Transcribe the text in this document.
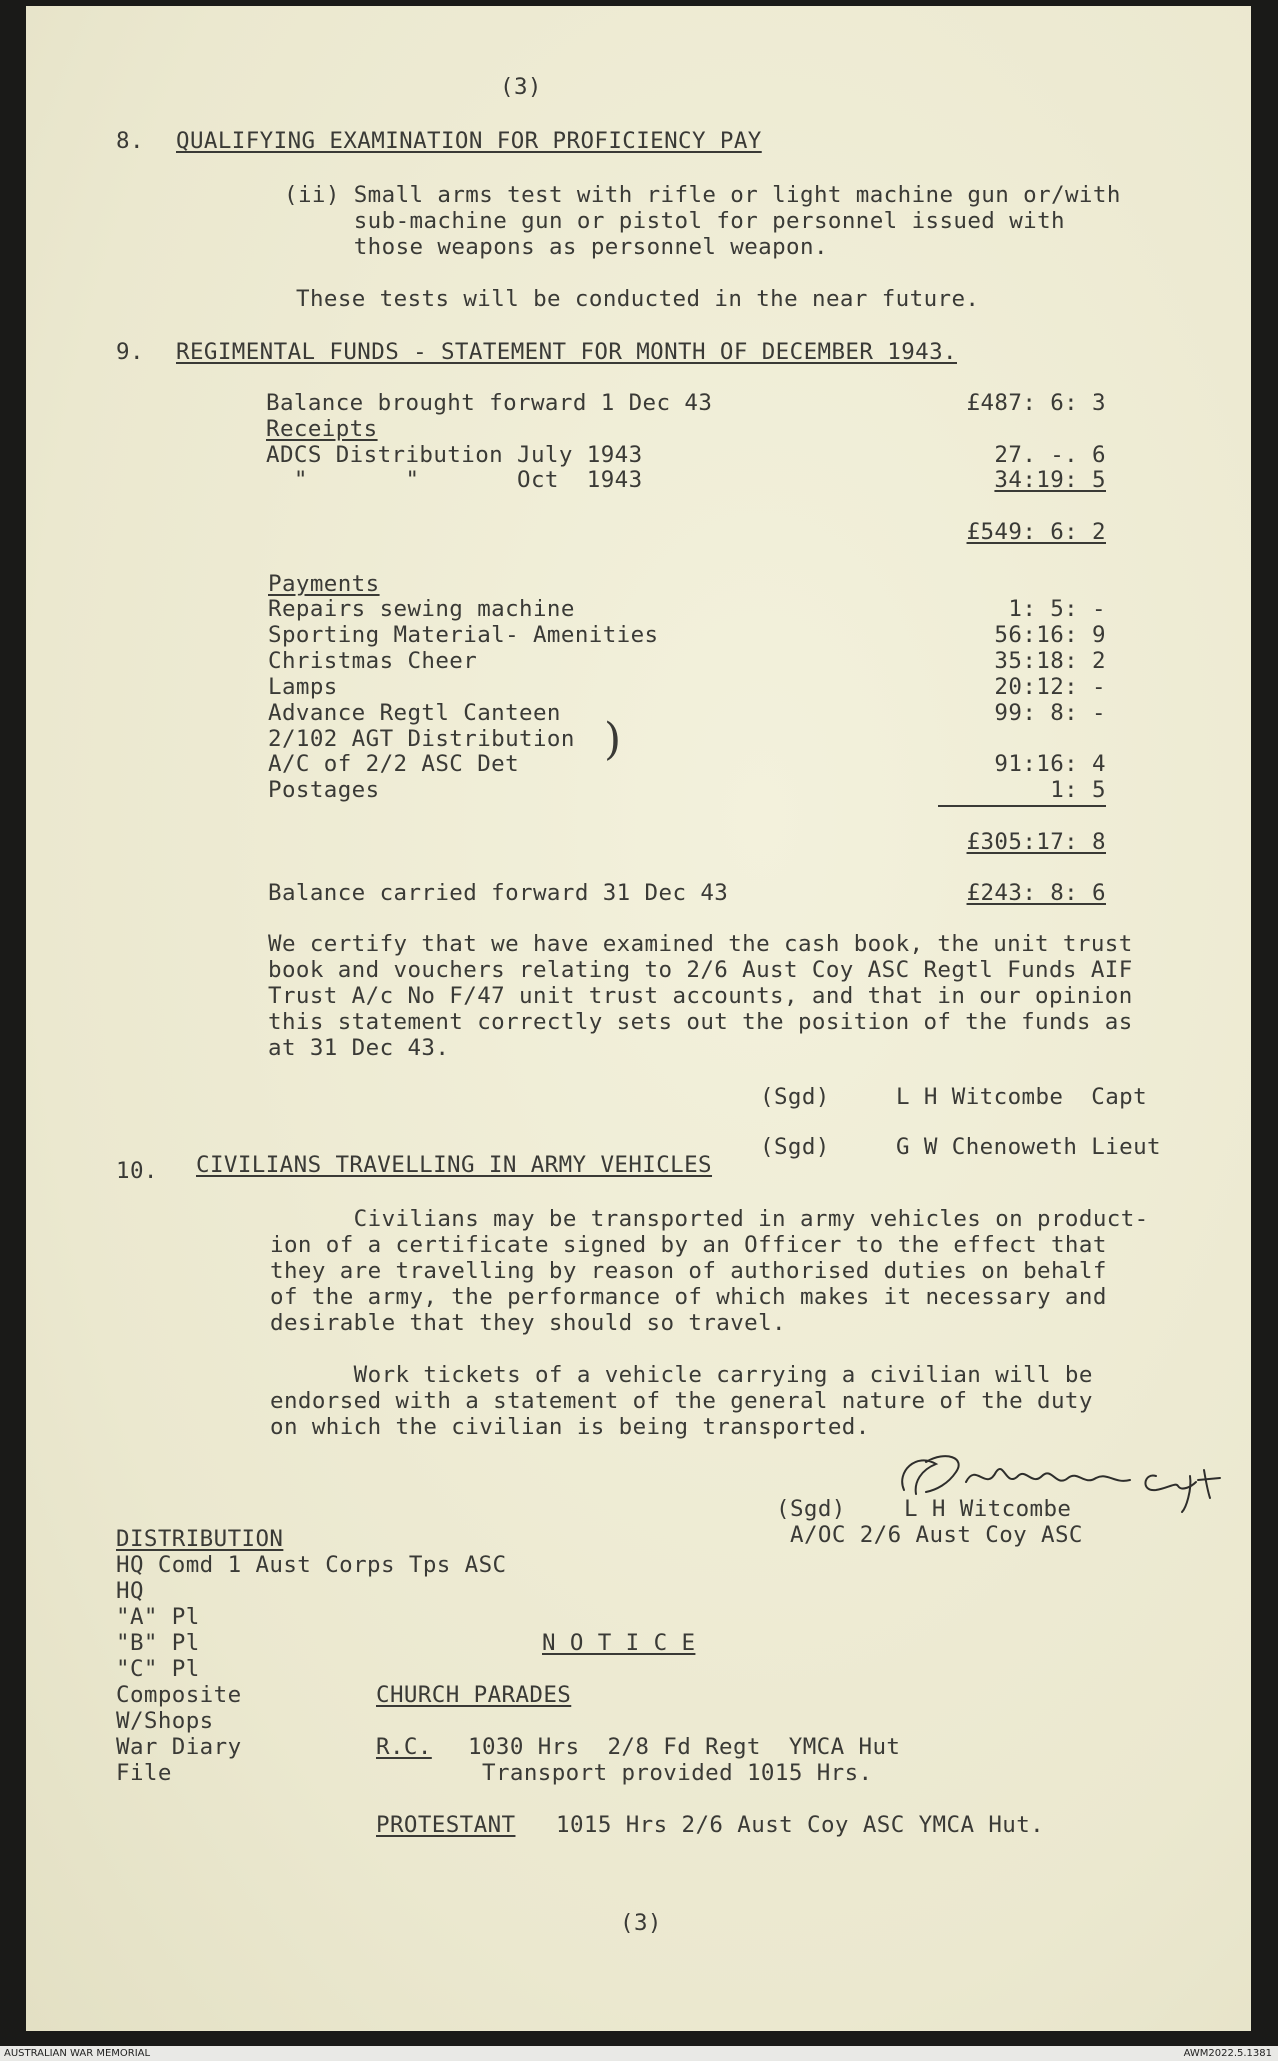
(3)
8. QUALIFYING EXAMINATION FOR PROFICIENCY PAY
(ii) Small arms test with rifle or light machine gun or/with
sub-machine gun or pistol for personnel issued with
those weapons as personnel weapon.
These tests will be conducted in the near future.
9. REGIMENTAL FUNDS - STATEMENT FOR MONTH OF DECEMBER 1943.
Balance brought forward 1 Dec 43	£487: 6: 3
Receipts
ADCS Distribution July 1943	27. -. 6
"       "       Oct  1943	34:19: 5
£549: 6: 2
Payments
Repairs sewing machine	1: 5: -
Sporting Material- Amenities	56:16: 9
Christmas Cheer	35:18: 2
Lamps	20:12: -
Advance Regtl Canteen	99: 8: -
2/102 AGT Distribution
A/C of 2/2 ASC Det )	91:16: 4
Postages	1: 5
£305:17: 8
Balance carried forward 31 Dec 43	£243: 8: 6
We certify that we have examined the cash book, the unit trust
book and vouchers relating to 2/6 Aust Coy ASC Regtl Funds AIF
Trust A/c No F/47 unit trust accounts, and that in our opinion
this statement correctly sets out the position of the funds as
at 31 Dec 43.
(Sgd)	L H Witcombe  Capt
(Sgd)	G W Chenoweth Lieut
10. CIVILIANS TRAVELLING IN ARMY VEHICLES
Civilians may be transported in army vehicles on product-
ion of a certificate signed by an Officer to the effect that
they are travelling by reason of authorised duties on behalf
of the army, the performance of which makes it necessary and
desirable that they should so travel.
Work tickets of a vehicle carrying a civilian will be
endorsed with a statement of the general nature of the duty
on which the civilian is being transported.
(Sgd)	L H Witcombe
A/OC 2/6 Aust Coy ASC
DISTRIBUTION
HQ Comd 1 Aust Corps Tps ASC
HQ
"A" Pl
"B" Pl
"C" Pl
Composite
W/Shops
War Diary
File
N O T I C E
CHURCH PARADES
R.C. 1030 Hrs  2/8 Fd Regt  YMCA Hut
Transport provided 1015 Hrs.
PROTESTANT 1015 Hrs 2/6 Aust Coy ASC YMCA Hut.
(3)
AUSTRALIAN WAR MEMORIAL	AWM2022.5.1381
